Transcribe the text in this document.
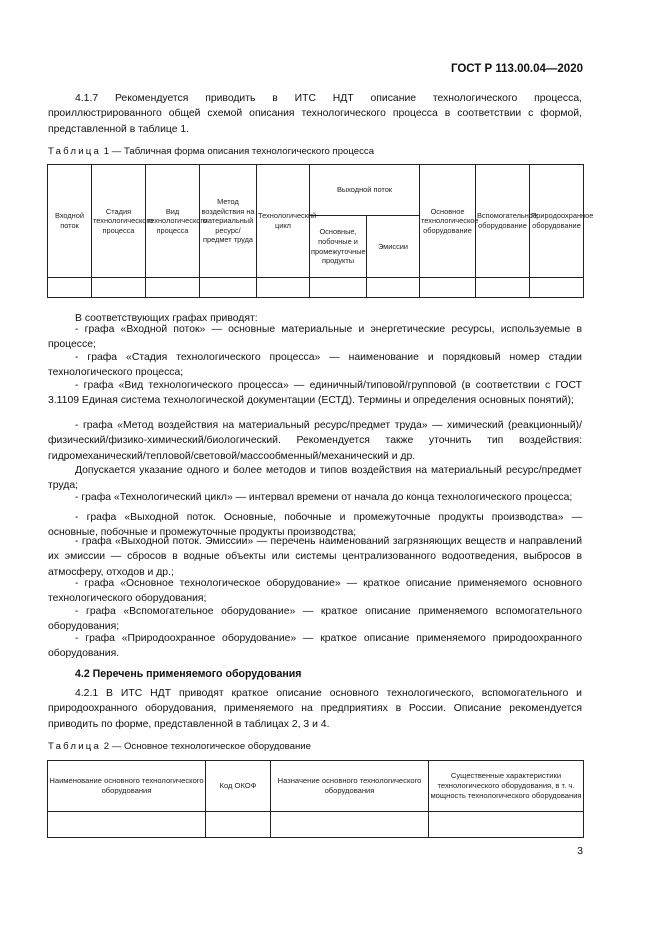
ГОСТ Р 113.00.04—2020

4.1.7 Рекомендуется приводить в ИТС НДТ описание технологического процесса, проиллюстрированного общей схемой описания технологического процесса в соответствии с формой, представленной в таблице 1.

Таблица 1 — Табличная форма описания технологического процесса
Входной поток	Стадия технологического процесса	Вид технологического процесса	Метод воздействия на материальный ресурс/предмет труда	Технологический цикл	Выходной поток		Основное технологическое оборудование	Вспомогательное оборудование	Природоохранное оборудование
					Основные, побочные и промежуточные продукты	Эмиссии			

В соответствующих графах приводят:

- графа «Входной поток» — основные материальные и энергетические ресурсы, используемые в процессе;

- графа «Стадия технологического процесса» — наименование и порядковый номер стадии технологического процесса;

- графа «Вид технологического процесса» — единичный/типовой/групповой (в соответствии с ГОСТ 3.1109 Единая система технологической документации (ЕСТД). Термины и определения основных понятий);

- графа «Метод воздействия на материальный ресурс/предмет труда» — химический (реакционный)/физический/физико-химический/биологический. Рекомендуется также уточнить тип воздействия: гидромеханический/тепловой/световой/массообменный/механический и др.

Допускается указание одного и более методов и типов воздействия на материальный ресурс/предмет труда;

- графа «Технологический цикл» — интервал времени от начала до конца технологического процесса;

- графа «Выходной поток. Основные, побочные и промежуточные продукты производства» — основные, побочные и промежуточные продукты производства;

- графа «Выходной поток. Эмиссии» — перечень наименований загрязняющих веществ и направлений их эмиссии — сбросов в водные объекты или системы централизованного водоотведения, выбросов в атмосферу, отходов и др.;

- графа «Основное технологическое оборудование» — краткое описание применяемого основного технологического оборудования;

- графа «Вспомогательное оборудование» — краткое описание применяемого вспомогательного оборудования;

- графа «Природоохранное оборудование» — краткое описание применяемого природоохранного оборудования.

4.2 Перечень применяемого оборудования

4.2.1 В ИТС НДТ приводят краткое описание основного технологического, вспомогательного и природоохранного оборудования, применяемого на предприятиях в России. Описание рекомендуется приводить по форме, представленной в таблицах 2, 3 и 4.

Таблица 2 — Основное технологическое оборудование
Наименование основного технологического оборудования	Код ОКОФ	Назначение основного технологического оборудования	Существенные характеристики технологического оборудования, в т. ч. мощность технологического оборудования

3
